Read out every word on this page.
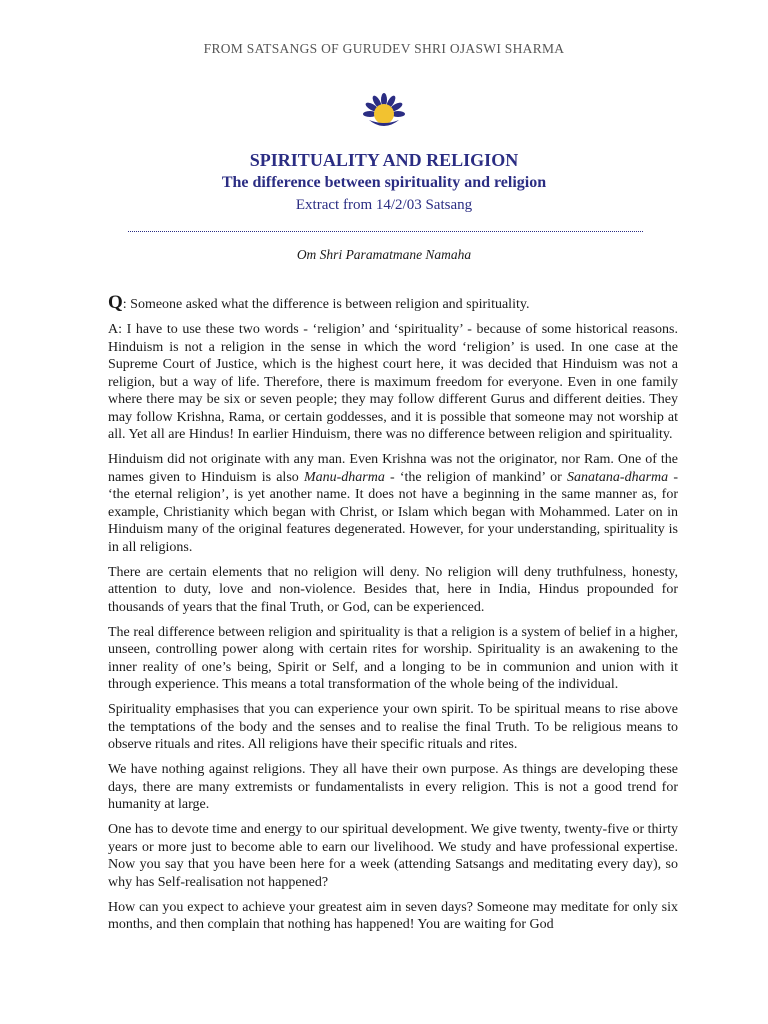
FROM SATSANGS OF GURUDEV SHRI OJASWI SHARMA

SPIRITUALITY AND RELIGION

The difference between spirituality and religion

Extract from 14/2/03 Satsang

Om Shri Paramatmane Namaha

Q: Someone asked what the difference is between religion and spirituality.

A: I have to use these two words - ‘religion’ and ‘spirituality’ - because of some historical reasons. Hinduism is not a religion in the sense in which the word ‘religion’ is used. In one case at the Supreme Court of Justice, which is the highest court here, it was decided that Hinduism was not a religion, but a way of life. Therefore, there is maximum freedom for everyone. Even in one family where there may be six or seven people; they may follow different Gurus and different deities. They may follow Krishna, Rama, or certain goddesses, and it is possible that someone may not worship at all. Yet all are Hindus! In earlier Hinduism, there was no difference between religion and spirituality.

Hinduism did not originate with any man. Even Krishna was not the originator, nor Ram. One of the names given to Hinduism is also Manu-dharma - ‘the religion of mankind’ or Sanatana-dharma - ‘the eternal religion’, is yet another name. It does not have a beginning in the same manner as, for example, Christianity which began with Christ, or Islam which began with Mohammed. Later on in Hinduism many of the original features degenerated. However, for your understanding, spirituality is in all religions.

There are certain elements that no religion will deny. No religion will deny truthfulness, honesty, attention to duty, love and non-violence. Besides that, here in India, Hindus propounded for thousands of years that the final Truth, or God, can be experienced.

The real difference between religion and spirituality is that a religion is a system of belief in a higher, unseen, controlling power along with certain rites for worship. Spirituality is an awakening to the inner reality of one’s being, Spirit or Self, and a longing to be in communion and union with it through experience. This means a total transformation of the whole being of the individual.

Spirituality emphasises that you can experience your own spirit. To be spiritual means to rise above the temptations of the body and the senses and to realise the final Truth. To be religious means to observe rituals and rites. All religions have their specific rituals and rites.

We have nothing against religions. They all have their own purpose. As things are developing these days, there are many extremists or fundamentalists in every religion. This is not a good trend for humanity at large.

One has to devote time and energy to our spiritual development. We give twenty, twenty-five or thirty years or more just to become able to earn our livelihood. We study and have professional expertise. Now you say that you have been here for a week (attending Satsangs and meditating every day), so why has Self-realisation not happened?

How can you expect to achieve your greatest aim in seven days? Someone may meditate for only six months, and then complain that nothing has happened! You are waiting for God
